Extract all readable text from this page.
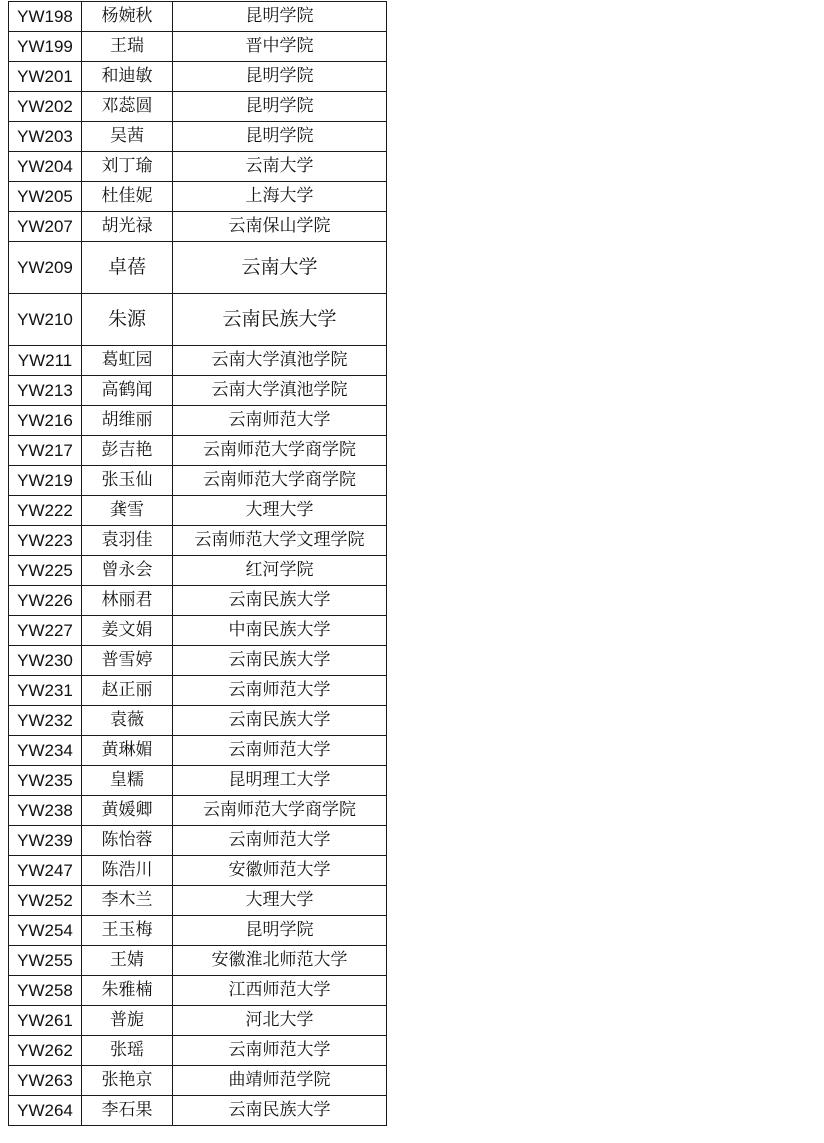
YW198	杨婉秋	昆明学院
YW199	王瑞	晋中学院
YW201	和迪敏	昆明学院
YW202	邓蕊圆	昆明学院
YW203	吴茜	昆明学院
YW204	刘丁瑜	云南大学
YW205	杜佳妮	上海大学
YW207	胡光禄	云南保山学院
YW209	卓蓓	云南大学
YW210	朱源	云南民族大学
YW211	葛虹园	云南大学滇池学院
YW213	高鹤闻	云南大学滇池学院
YW216	胡维丽	云南师范大学
YW217	彭吉艳	云南师范大学商学院
YW219	张玉仙	云南师范大学商学院
YW222	龚雪	大理大学
YW223	袁羽佳	云南师范大学文理学院
YW225	曾永会	红河学院
YW226	林丽君	云南民族大学
YW227	姜文娟	中南民族大学
YW230	普雪婷	云南民族大学
YW231	赵正丽	云南师范大学
YW232	袁薇	云南民族大学
YW234	黄琳媚	云南师范大学
YW235	皇糯	昆明理工大学
YW238	黄媛卿	云南师范大学商学院
YW239	陈怡蓉	云南师范大学
YW247	陈浩川	安徽师范大学
YW252	李木兰	大理大学
YW254	王玉梅	昆明学院
YW255	王婧	安徽淮北师范大学
YW258	朱雅楠	江西师范大学
YW261	普旎	河北大学
YW262	张瑶	云南师范大学
YW263	张艳京	曲靖师范学院
YW264	李石果	云南民族大学
